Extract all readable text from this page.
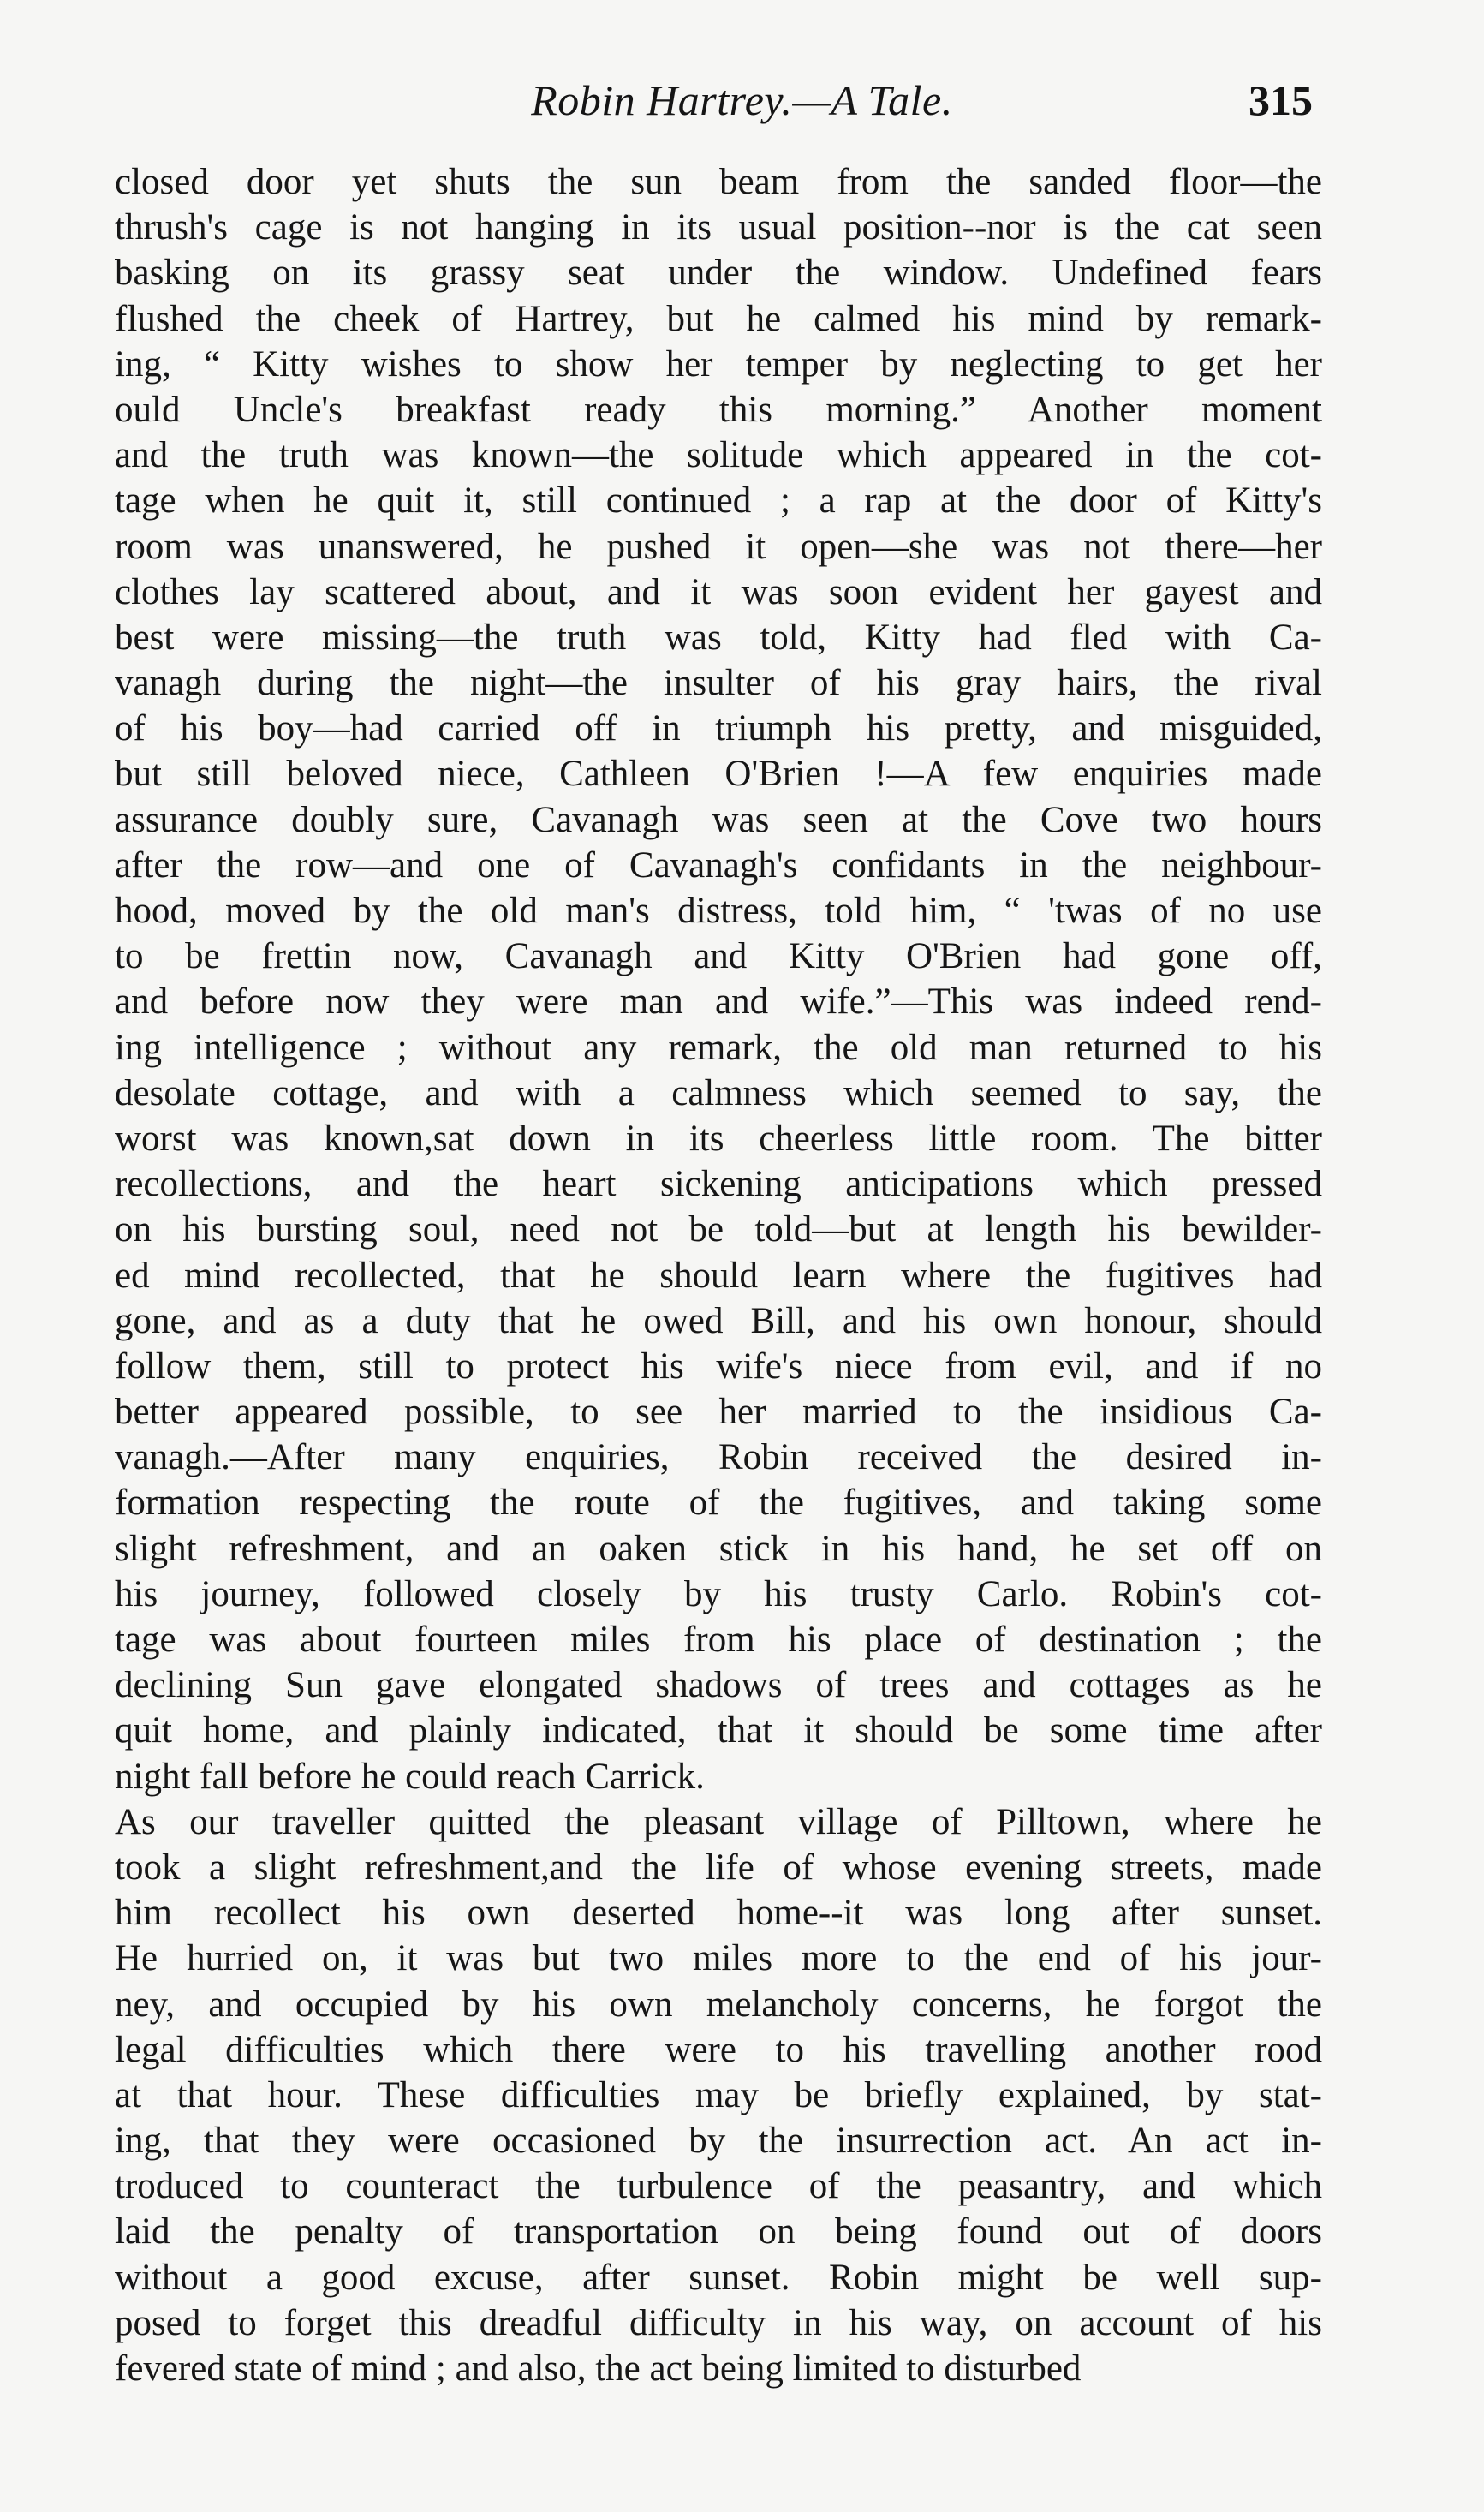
Robin Hartrey.—A Tale.	315
closed door yet shuts the sun beam from the sanded floor—the
thrush's cage is not hanging in its usual position--nor is the cat seen
basking on its grassy seat under the window. Undefined fears
flushed the cheek of Hartrey, but he calmed his mind by remark-
ing, “ Kitty wishes to show her temper by neglecting to get her
ould Uncle's breakfast ready this morning.” Another moment
and the truth was known—the solitude which appeared in the cot-
tage when he quit it, still continued ; a rap at the door of Kitty's
room was unanswered, he pushed it open—she was not there—her
clothes lay scattered about, and it was soon evident her gayest and
best were missing—the truth was told, Kitty had fled with Ca-
vanagh during the night—the insulter of his gray hairs, the rival
of his boy—had carried off in triumph his pretty, and misguided,
but still beloved niece, Cathleen O'Brien !—A few enquiries made
assurance doubly sure, Cavanagh was seen at the Cove two hours
after the row—and one of Cavanagh's confidants in the neighbour-
hood, moved by the old man's distress, told him, “ 'twas of no use
to be frettin now, Cavanagh and Kitty O'Brien had gone off,
and before now they were man and wife.”—This was indeed rend-
ing intelligence ; without any remark, the old man returned to his
desolate cottage, and with a calmness which seemed to say, the
worst was known,sat down in its cheerless little room. The bitter
recollections, and the heart sickening anticipations which pressed
on his bursting soul, need not be told—but at length his bewilder-
ed mind recollected, that he should learn where the fugitives had
gone, and as a duty that he owed Bill, and his own honour, should
follow them, still to protect his wife's niece from evil, and if no
better appeared possible, to see her married to the insidious Ca-
vanagh.—After many enquiries, Robin received the desired in-
formation respecting the route of the fugitives, and taking some
slight refreshment, and an oaken stick in his hand, he set off on
his journey, followed closely by his trusty Carlo. Robin's cot-
tage was about fourteen miles from his place of destination ; the
declining Sun gave elongated shadows of trees and cottages as he
quit home, and plainly indicated, that it should be some time after
night fall before he could reach Carrick.
As our traveller quitted the pleasant village of Pilltown, where he
took a slight refreshment,and the life of whose evening streets, made
him recollect his own deserted home--it was long after sunset.
He hurried on, it was but two miles more to the end of his jour-
ney, and occupied by his own melancholy concerns, he forgot the
legal difficulties which there were to his travelling another rood
at that hour. These difficulties may be briefly explained, by stat-
ing, that they were occasioned by the insurrection act. An act in-
troduced to counteract the turbulence of the peasantry, and which
laid the penalty of transportation on being found out of doors
without a good excuse, after sunset. Robin might be well sup-
posed to forget this dreadful difficulty in his way, on account of his
fevered state of mind ; and also, the act being limited to disturbed
